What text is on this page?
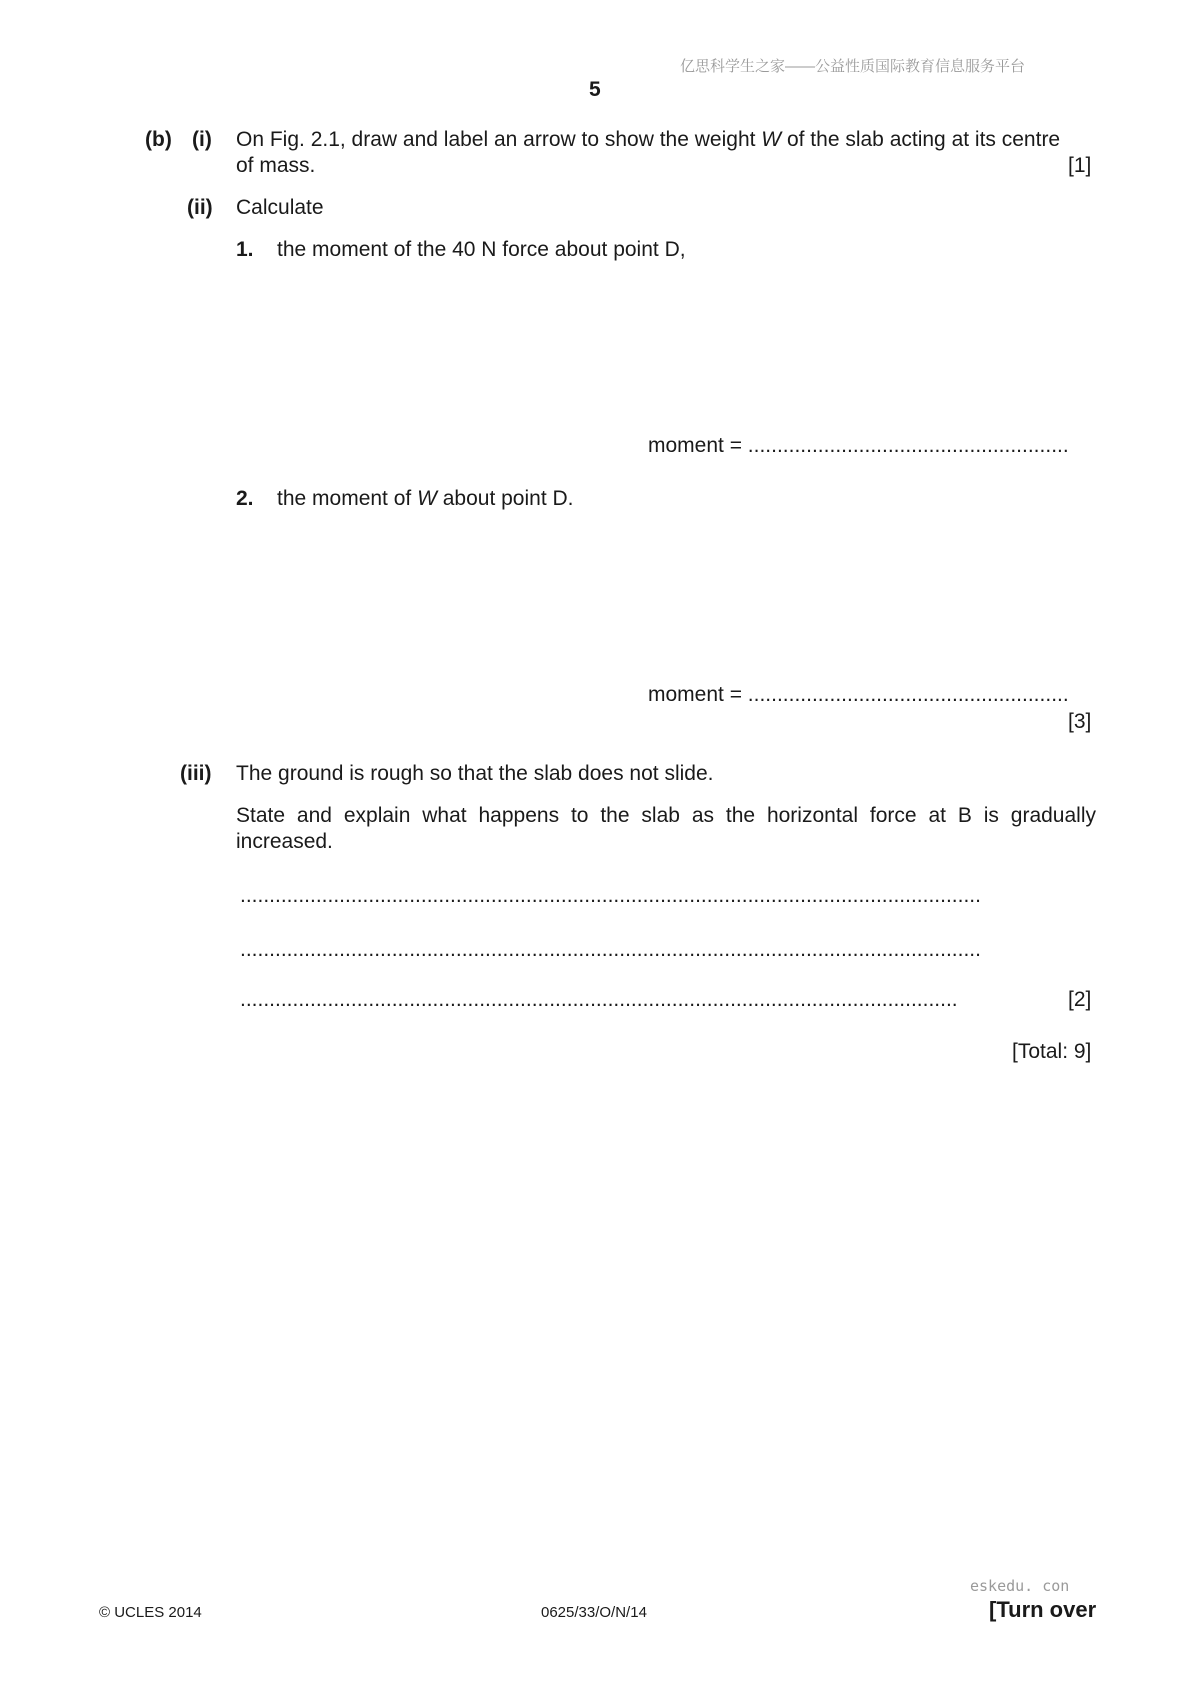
亿思科学生之家——公益性质国际教育信息服务平台
5
(b) (i) On Fig. 2.1, draw and label an arrow to show the weight W of the slab acting at its centre
of mass.	[1]
(ii) Calculate
1. the moment of the 40 N force about point D,
moment = .......................................................
2. the moment of W about point D.
moment = .......................................................
[3]
(iii) The ground is rough so that the slab does not slide.
State and explain what happens to the slab as the horizontal force at B is gradually
increased.
...............................................................................................................................
...............................................................................................................................
...........................................................................................................................	[2]
[Total: 9]
eskedu. con
© UCLES 2014	0625/33/O/N/14	[Turn over
